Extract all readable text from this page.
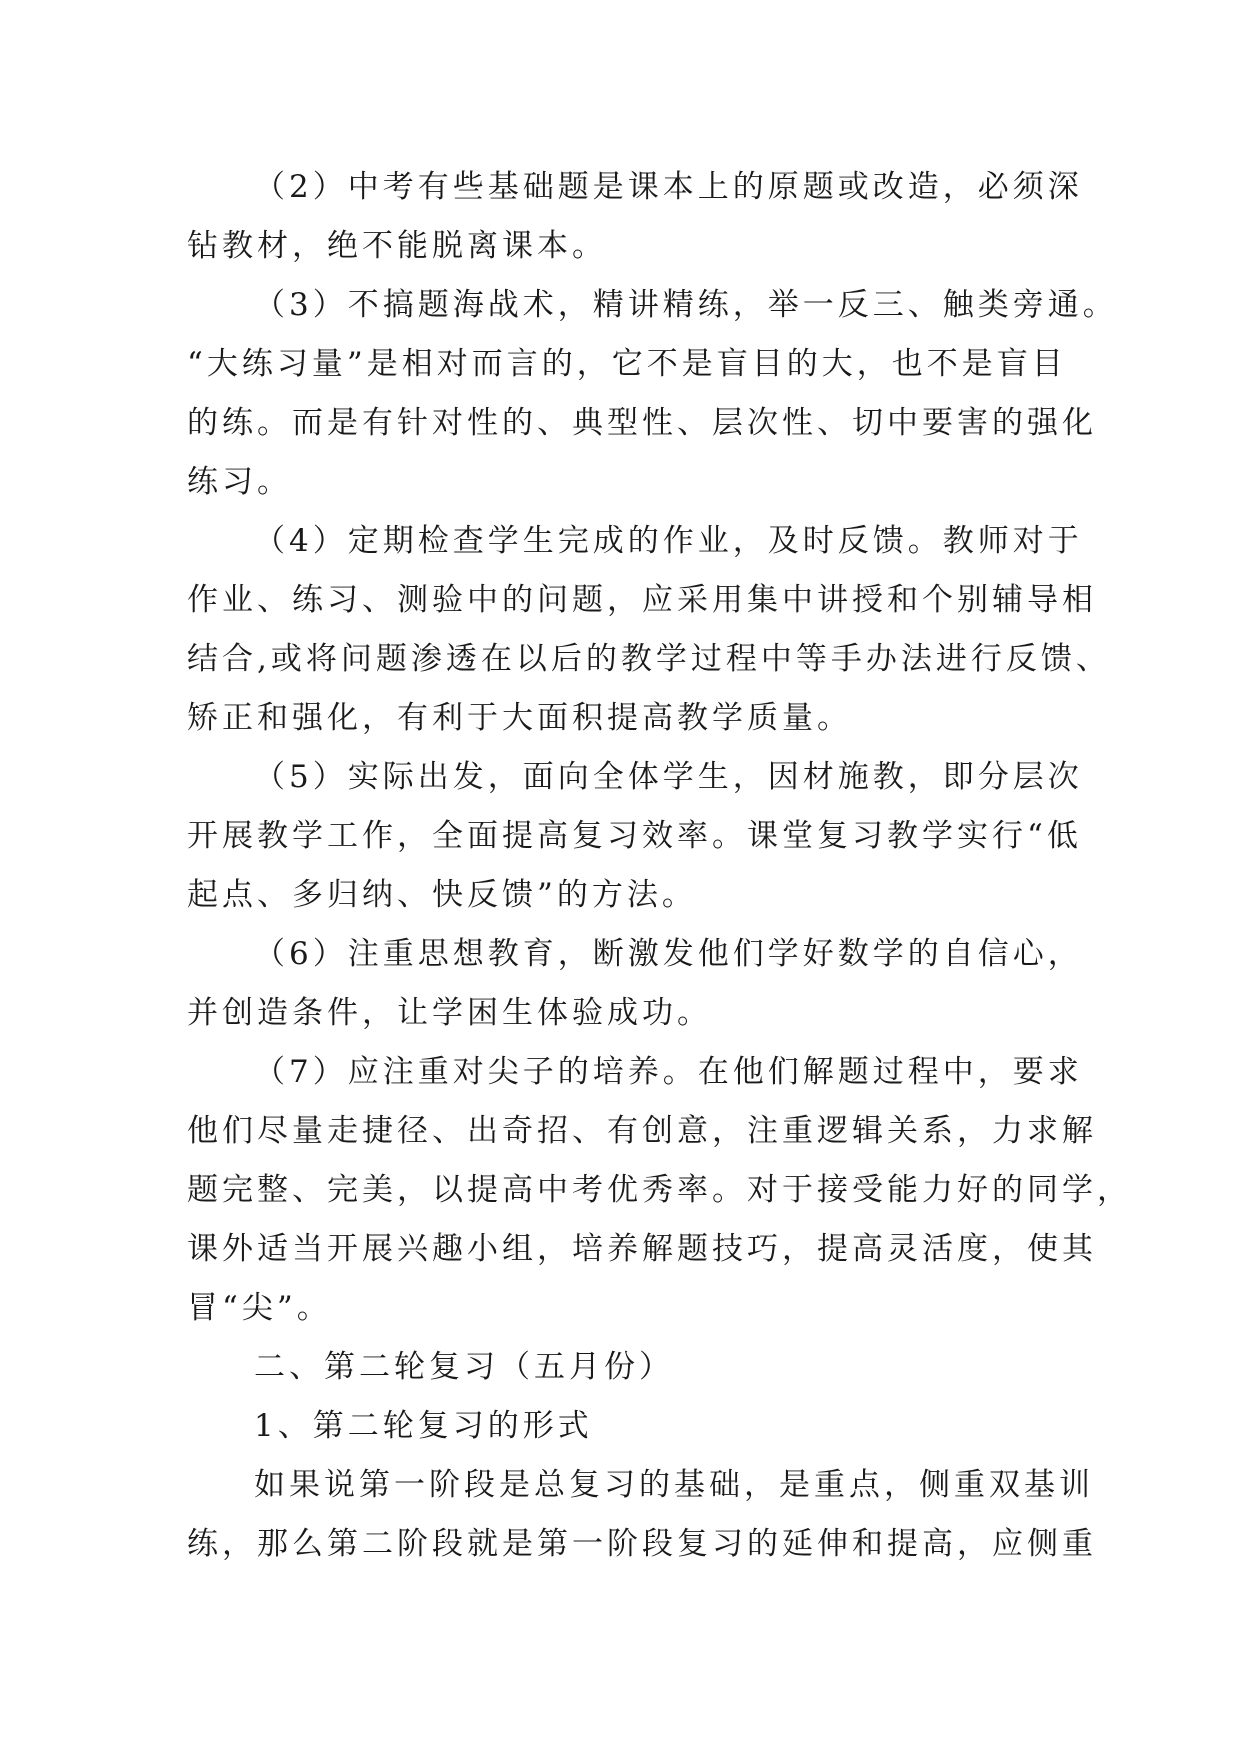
（2）中考有些基础题是课本上的原题或改造，必须深
钻教材，绝不能脱离课本。
（3）不搞题海战术，精讲精练，举一反三、触类旁通。
“大练习量”是相对而言的，它不是盲目的大，也不是盲目
的练。而是有针对性的、典型性、层次性、切中要害的强化
练习。
（4）定期检查学生完成的作业，及时反馈。教师对于
作业、练习、测验中的问题，应采用集中讲授和个别辅导相
结合,或将问题渗透在以后的教学过程中等手办法进行反馈、
矫正和强化，有利于大面积提高教学质量。
（5）实际出发，面向全体学生，因材施教，即分层次
开展教学工作，全面提高复习效率。课堂复习教学实行“低
起点、多归纳、快反馈”的方法。
（6）注重思想教育，断激发他们学好数学的自信心，
并创造条件，让学困生体验成功。
（7）应注重对尖子的培养。在他们解题过程中，要求
他们尽量走捷径、出奇招、有创意，注重逻辑关系，力求解
题完整、完美，以提高中考优秀率。对于接受能力好的同学，
课外适当开展兴趣小组，培养解题技巧，提高灵活度，使其
冒“尖”。
二、第二轮复习（五月份）
1、第二轮复习的形式
如果说第一阶段是总复习的基础，是重点，侧重双基训
练，那么第二阶段就是第一阶段复习的延伸和提高，应侧重
